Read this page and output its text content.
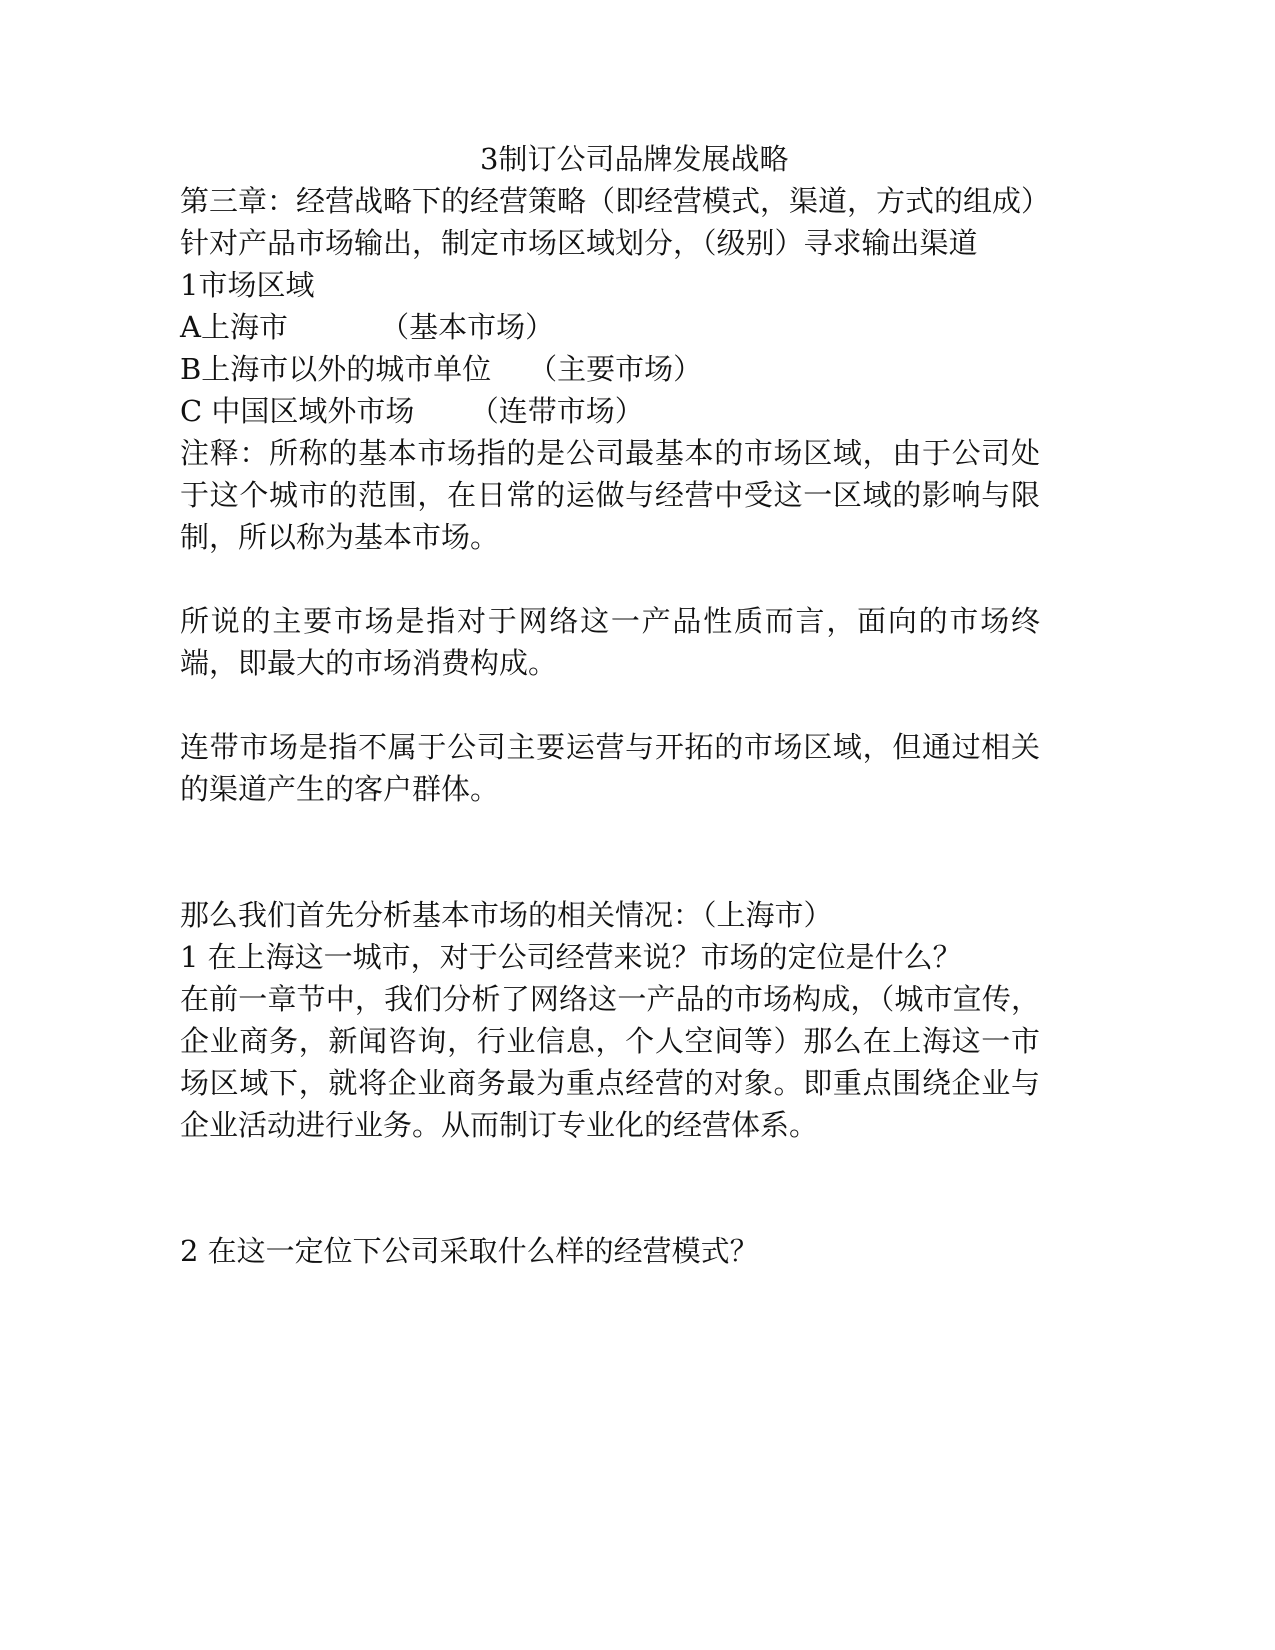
3制订公司品牌发展战略

第三章：经营战略下的经营策略（即经营模式，渠道，方式的组成）

针对产品市场输出，制定市场区域划分，（级别）寻求输出渠道

1市场区域

A上海市          （基本市场）

B上海市以外的城市单位    （主要市场）

C 中国区域外市场      （连带市场）

注释：所称的基本市场指的是公司最基本的市场区域，由于公司处于这个城市的范围，在日常的运做与经营中受这一区域的影响与限制，所以称为基本市场。

所说的主要市场是指对于网络这一产品性质而言，面向的市场终端，即最大的市场消费构成。

连带市场是指不属于公司主要运营与开拓的市场区域，但通过相关的渠道产生的客户群体。

那么我们首先分析基本市场的相关情况：（上海市）

1 在上海这一城市，对于公司经营来说？市场的定位是什么？

在前一章节中，我们分析了网络这一产品的市场构成，（城市宣传，企业商务，新闻咨询，行业信息，个人空间等）那么在上海这一市场区域下，就将企业商务最为重点经营的对象。即重点围绕企业与企业活动进行业务。从而制订专业化的经营体系。

2 在这一定位下公司采取什么样的经营模式？
